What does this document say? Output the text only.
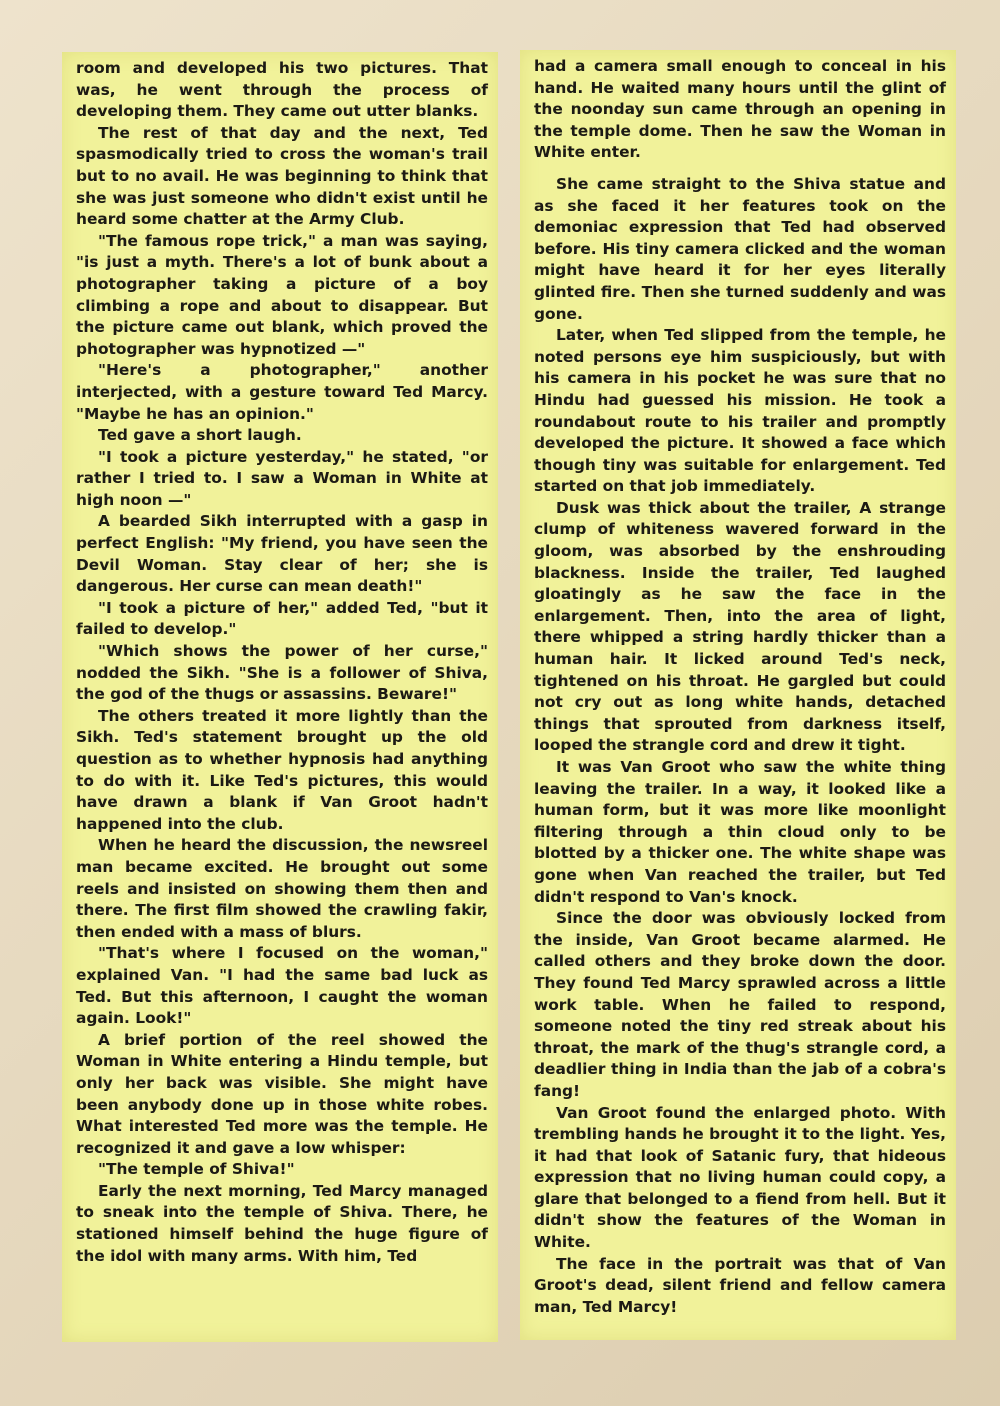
room and developed his two pictures. That was, he went through the process of developing them. They came out utter blanks.

The rest of that day and the next, Ted spasmodically tried to cross the woman's trail but to no avail. He was beginning to think that she was just someone who didn't exist until he heard some chatter at the Army Club.

"The famous rope trick," a man was saying, "is just a myth. There's a lot of bunk about a photographer taking a picture of a boy climbing a rope and about to disappear. But the picture came out blank, which proved the photographer was hypnotized —"

"Here's a photographer," another interjected, with a gesture toward Ted Marcy. "Maybe he has an opinion."

Ted gave a short laugh.

"I took a picture yesterday," he stated, "or rather I tried to. I saw a Woman in White at high noon —"

A bearded Sikh interrupted with a gasp in perfect English: "My friend, you have seen the Devil Woman. Stay clear of her; she is dangerous. Her curse can mean death!"

"I took a picture of her," added Ted, "but it failed to develop."

"Which shows the power of her curse," nodded the Sikh. "She is a follower of Shiva, the god of the thugs or assassins. Beware!"

The others treated it more lightly than the Sikh. Ted's statement brought up the old question as to whether hypnosis had anything to do with it. Like Ted's pictures, this would have drawn a blank if Van Groot hadn't happened into the club.

When he heard the discussion, the newsreel man became excited. He brought out some reels and insisted on showing them then and there. The first film showed the crawling fakir, then ended with a mass of blurs.

"That's where I focused on the woman," explained Van. "I had the same bad luck as Ted. But this afternoon, I caught the woman again. Look!"

A brief portion of the reel showed the Woman in White entering a Hindu temple, but only her back was visible. She might have been anybody done up in those white robes. What interested Ted more was the temple. He recognized it and gave a low whisper:

"The temple of Shiva!"

Early the next morning, Ted Marcy managed to sneak into the temple of Shiva. There, he stationed himself behind the huge figure of the idol with many arms. With him, Ted

had a camera small enough to conceal in his hand. He waited many hours until the glint of the noonday sun came through an opening in the temple dome. Then he saw the Woman in White enter.

She came straight to the Shiva statue and as she faced it her features took on the demoniac expression that Ted had observed before. His tiny camera clicked and the woman might have heard it for her eyes literally glinted fire. Then she turned suddenly and was gone.

Later, when Ted slipped from the temple, he noted persons eye him suspiciously, but with his camera in his pocket he was sure that no Hindu had guessed his mission. He took a roundabout route to his trailer and promptly developed the picture. It showed a face which though tiny was suitable for enlargement. Ted started on that job immediately.

Dusk was thick about the trailer, A strange clump of whiteness wavered forward in the gloom, was absorbed by the enshrouding blackness. Inside the trailer, Ted laughed gloatingly as he saw the face in the enlargement. Then, into the area of light, there whipped a string hardly thicker than a human hair. It licked around Ted's neck, tightened on his throat. He gargled but could not cry out as long white hands, detached things that sprouted from darkness itself, looped the strangle cord and drew it tight.

It was Van Groot who saw the white thing leaving the trailer. In a way, it looked like a human form, but it was more like moonlight filtering through a thin cloud only to be blotted by a thicker one. The white shape was gone when Van reached the trailer, but Ted didn't respond to Van's knock.

Since the door was obviously locked from the inside, Van Groot became alarmed. He called others and they broke down the door. They found Ted Marcy sprawled across a little work table. When he failed to respond, someone noted the tiny red streak about his throat, the mark of the thug's strangle cord, a deadlier thing in India than the jab of a cobra's fang!

Van Groot found the enlarged photo. With trembling hands he brought it to the light. Yes, it had that look of Satanic fury, that hideous expression that no living human could copy, a glare that belonged to a fiend from hell. But it didn't show the features of the Woman in White.

The face in the portrait was that of Van Groot's dead, silent friend and fellow camera man, Ted Marcy!
